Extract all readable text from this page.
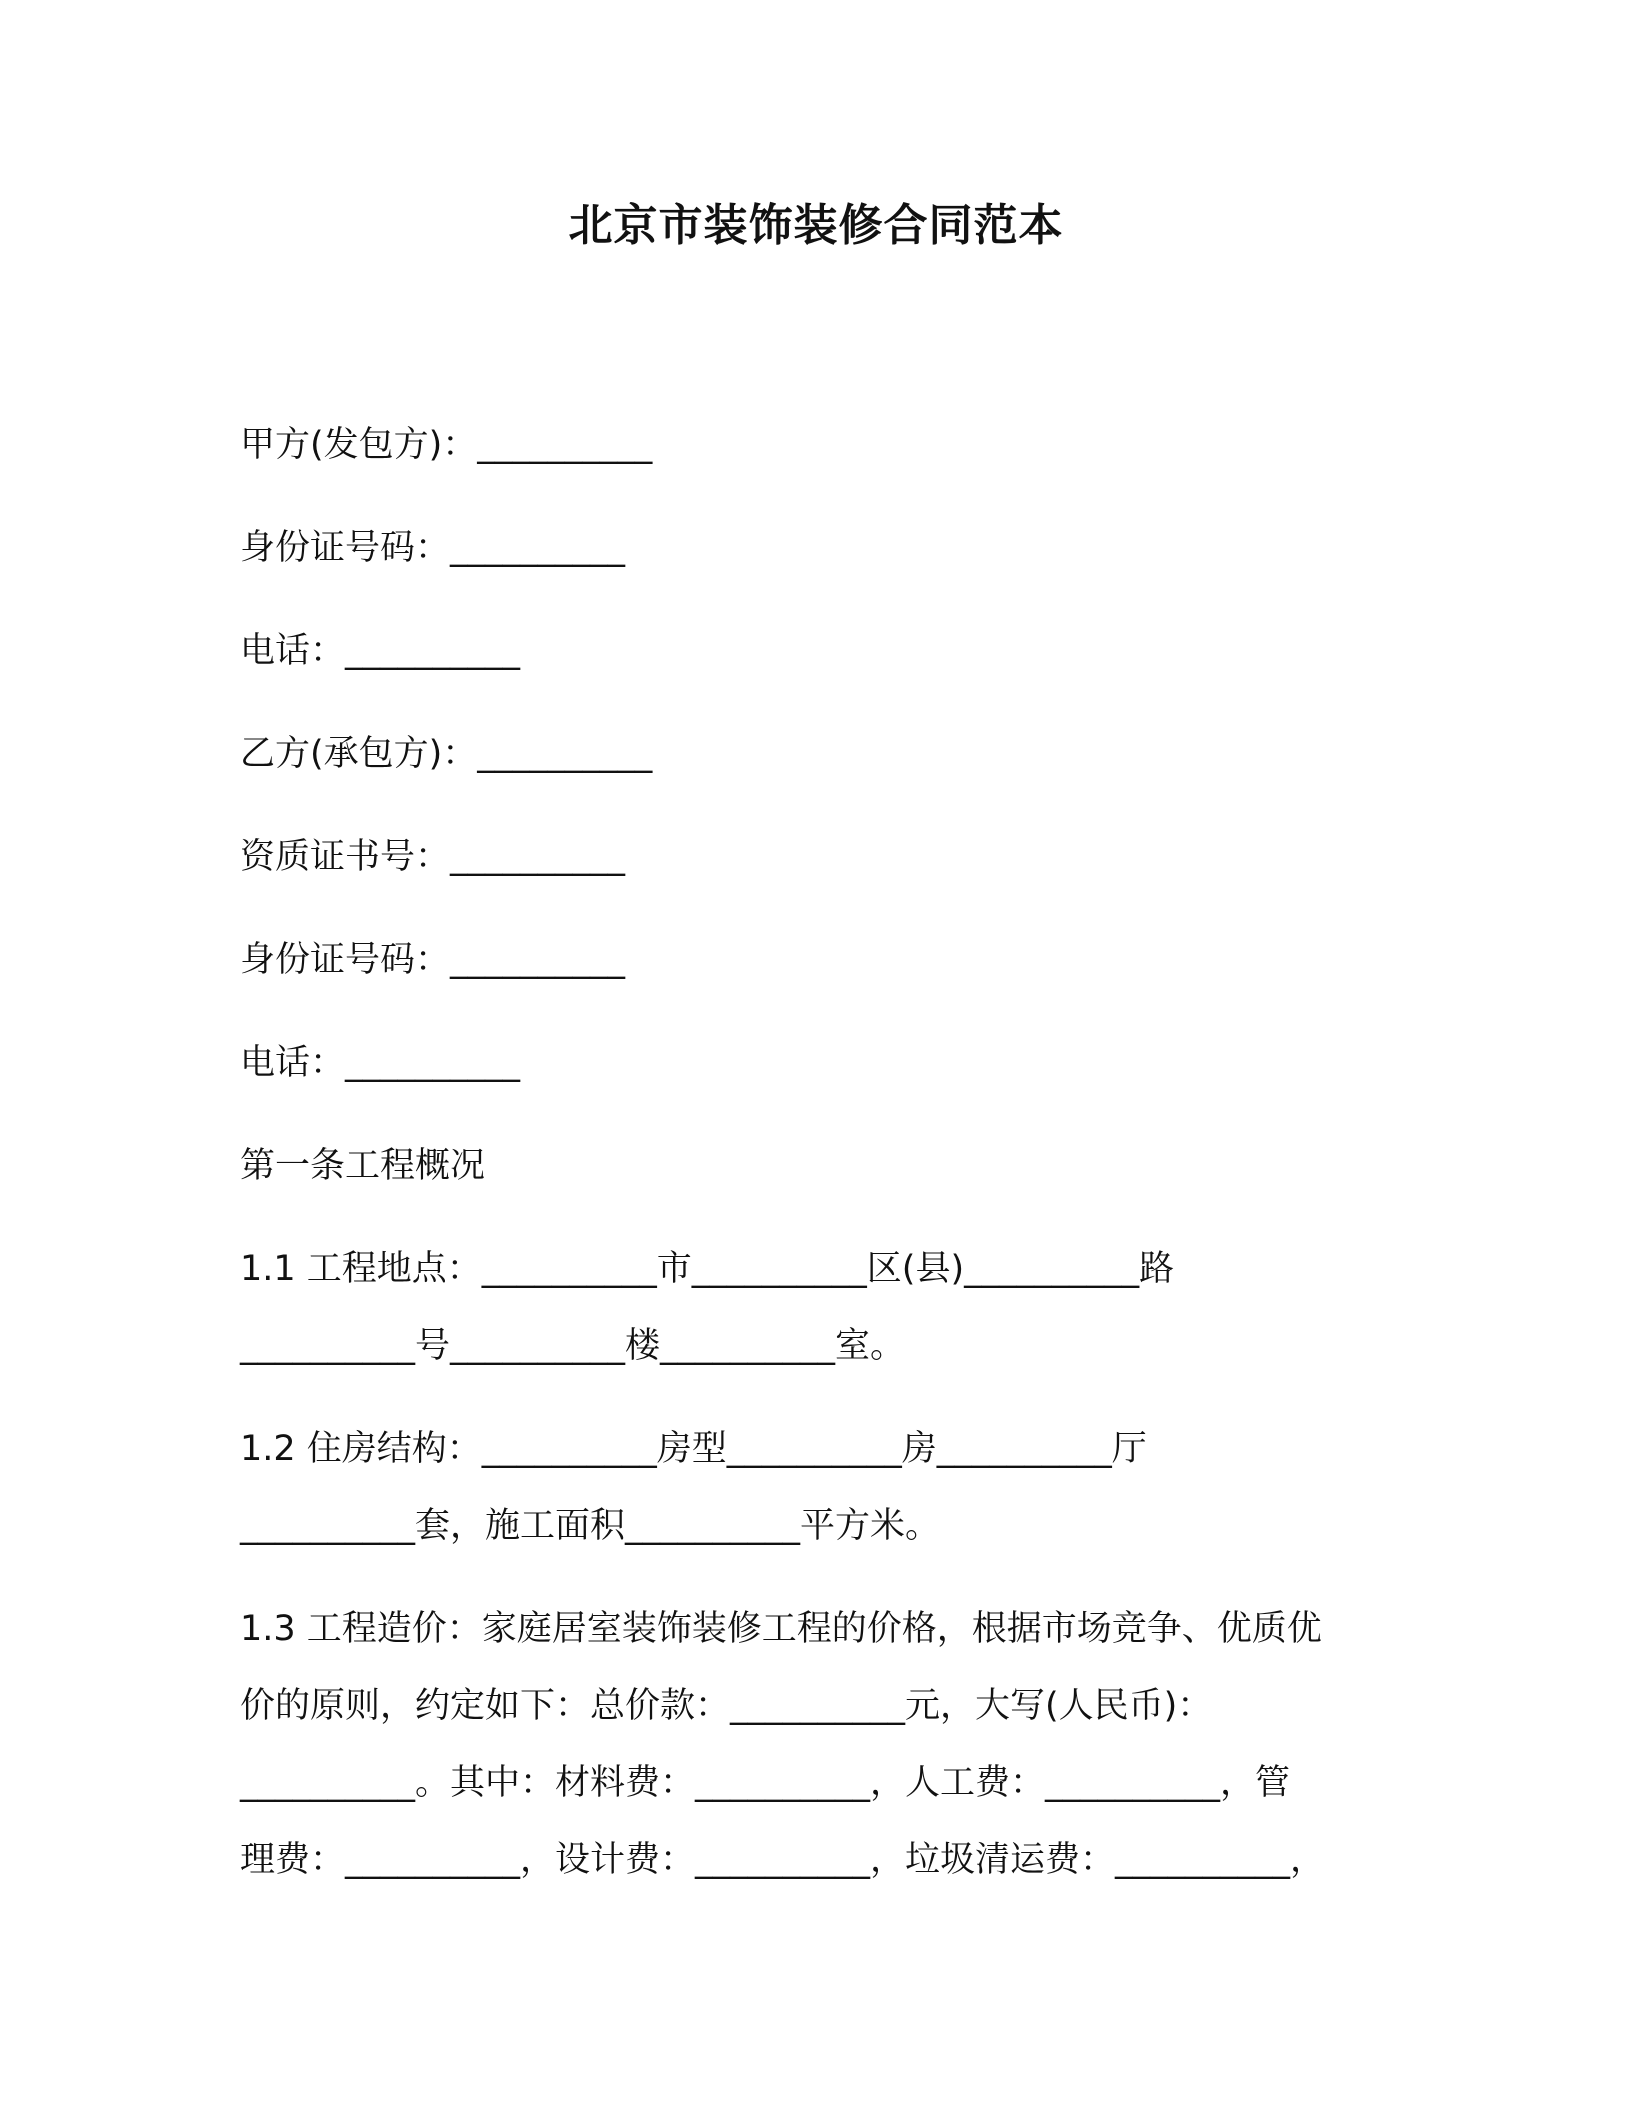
北京市装饰装修合同范本
甲方(发包方)：__________
身份证号码：__________
电话：__________
乙方(承包方)：__________
资质证书号：__________
身份证号码：__________
电话：__________
第一条工程概况
1.1 工程地点：__________市__________区(县)__________路
__________号__________楼__________室。
1.2 住房结构：__________房型__________房__________厅
__________套，施工面积__________平方米。
1.3 工程造价：家庭居室装饰装修工程的价格，根据市场竞争、优质优
价的原则，约定如下：总价款：__________元，大写(人民币)：
__________。其中：材料费：__________，人工费：__________，管
理费：__________，设计费：__________，垃圾清运费：__________，
